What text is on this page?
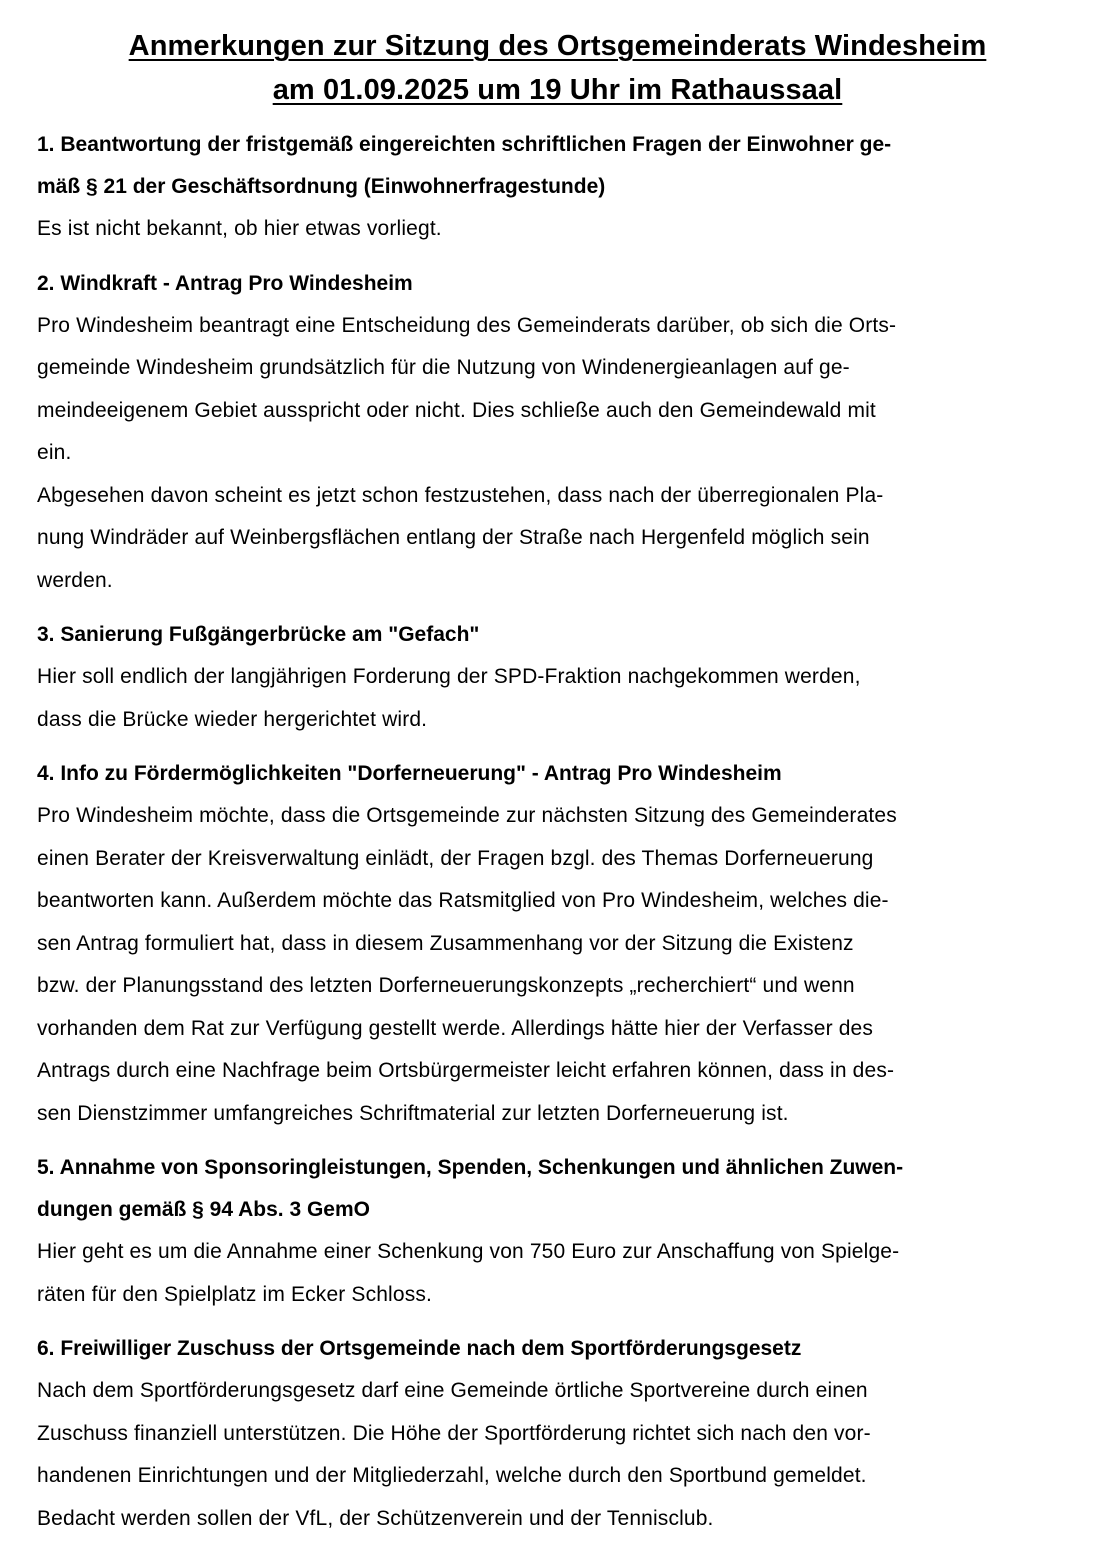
Anmerkungen zur Sitzung des Ortsgemeinderats Windesheim
am 01.09.2025 um 19 Uhr im Rathaussaal
1. Beantwortung der fristgemäß eingereichten schriftlichen Fragen der Einwohner ge-
mäß § 21 der Geschäftsordnung (Einwohnerfragestunde)
Es ist nicht bekannt, ob hier etwas vorliegt.
2. Windkraft - Antrag Pro Windesheim
Pro Windesheim beantragt eine Entscheidung des Gemeinderats darüber, ob sich die Orts-
gemeinde Windesheim grundsätzlich für die Nutzung von Windenergieanlagen auf ge-
meindeeigenem Gebiet ausspricht oder nicht. Dies schließe auch den Gemeindewald mit
ein.
Abgesehen davon scheint es jetzt schon festzustehen, dass nach der überregionalen Pla-
nung Windräder auf Weinbergsflächen entlang der Straße nach Hergenfeld möglich sein
werden.
3. Sanierung Fußgängerbrücke am "Gefach"
Hier soll endlich der langjährigen Forderung der SPD-Fraktion nachgekommen werden,
dass die Brücke wieder hergerichtet wird.
4. Info zu Fördermöglichkeiten "Dorferneuerung" - Antrag Pro Windesheim
Pro Windesheim möchte, dass die Ortsgemeinde zur nächsten Sitzung des Gemeinderates
einen Berater der Kreisverwaltung einlädt, der Fragen bzgl. des Themas Dorferneuerung
beantworten kann. Außerdem möchte das Ratsmitglied von Pro Windesheim, welches die-
sen Antrag formuliert hat, dass in diesem Zusammenhang vor der Sitzung die Existenz
bzw. der Planungsstand des letzten Dorferneuerungskonzepts „recherchiert“ und wenn
vorhanden dem Rat zur Verfügung gestellt werde. Allerdings hätte hier der Verfasser des
Antrags durch eine Nachfrage beim Ortsbürgermeister leicht erfahren können, dass in des-
sen Dienstzimmer umfangreiches Schriftmaterial zur letzten Dorferneuerung ist.
5. Annahme von Sponsoringleistungen, Spenden, Schenkungen und ähnlichen Zuwen-
dungen gemäß § 94 Abs. 3 GemO
Hier geht es um die Annahme einer Schenkung von 750 Euro zur Anschaffung von Spielge-
räten für den Spielplatz im Ecker Schloss.
6. Freiwilliger Zuschuss der Ortsgemeinde nach dem Sportförderungsgesetz
Nach dem Sportförderungsgesetz darf eine Gemeinde örtliche Sportvereine durch einen
Zuschuss finanziell unterstützen. Die Höhe der Sportförderung richtet sich nach den vor-
handenen Einrichtungen und der Mitgliederzahl, welche durch den Sportbund gemeldet.
Bedacht werden sollen der VfL, der Schützenverein und der Tennisclub.
